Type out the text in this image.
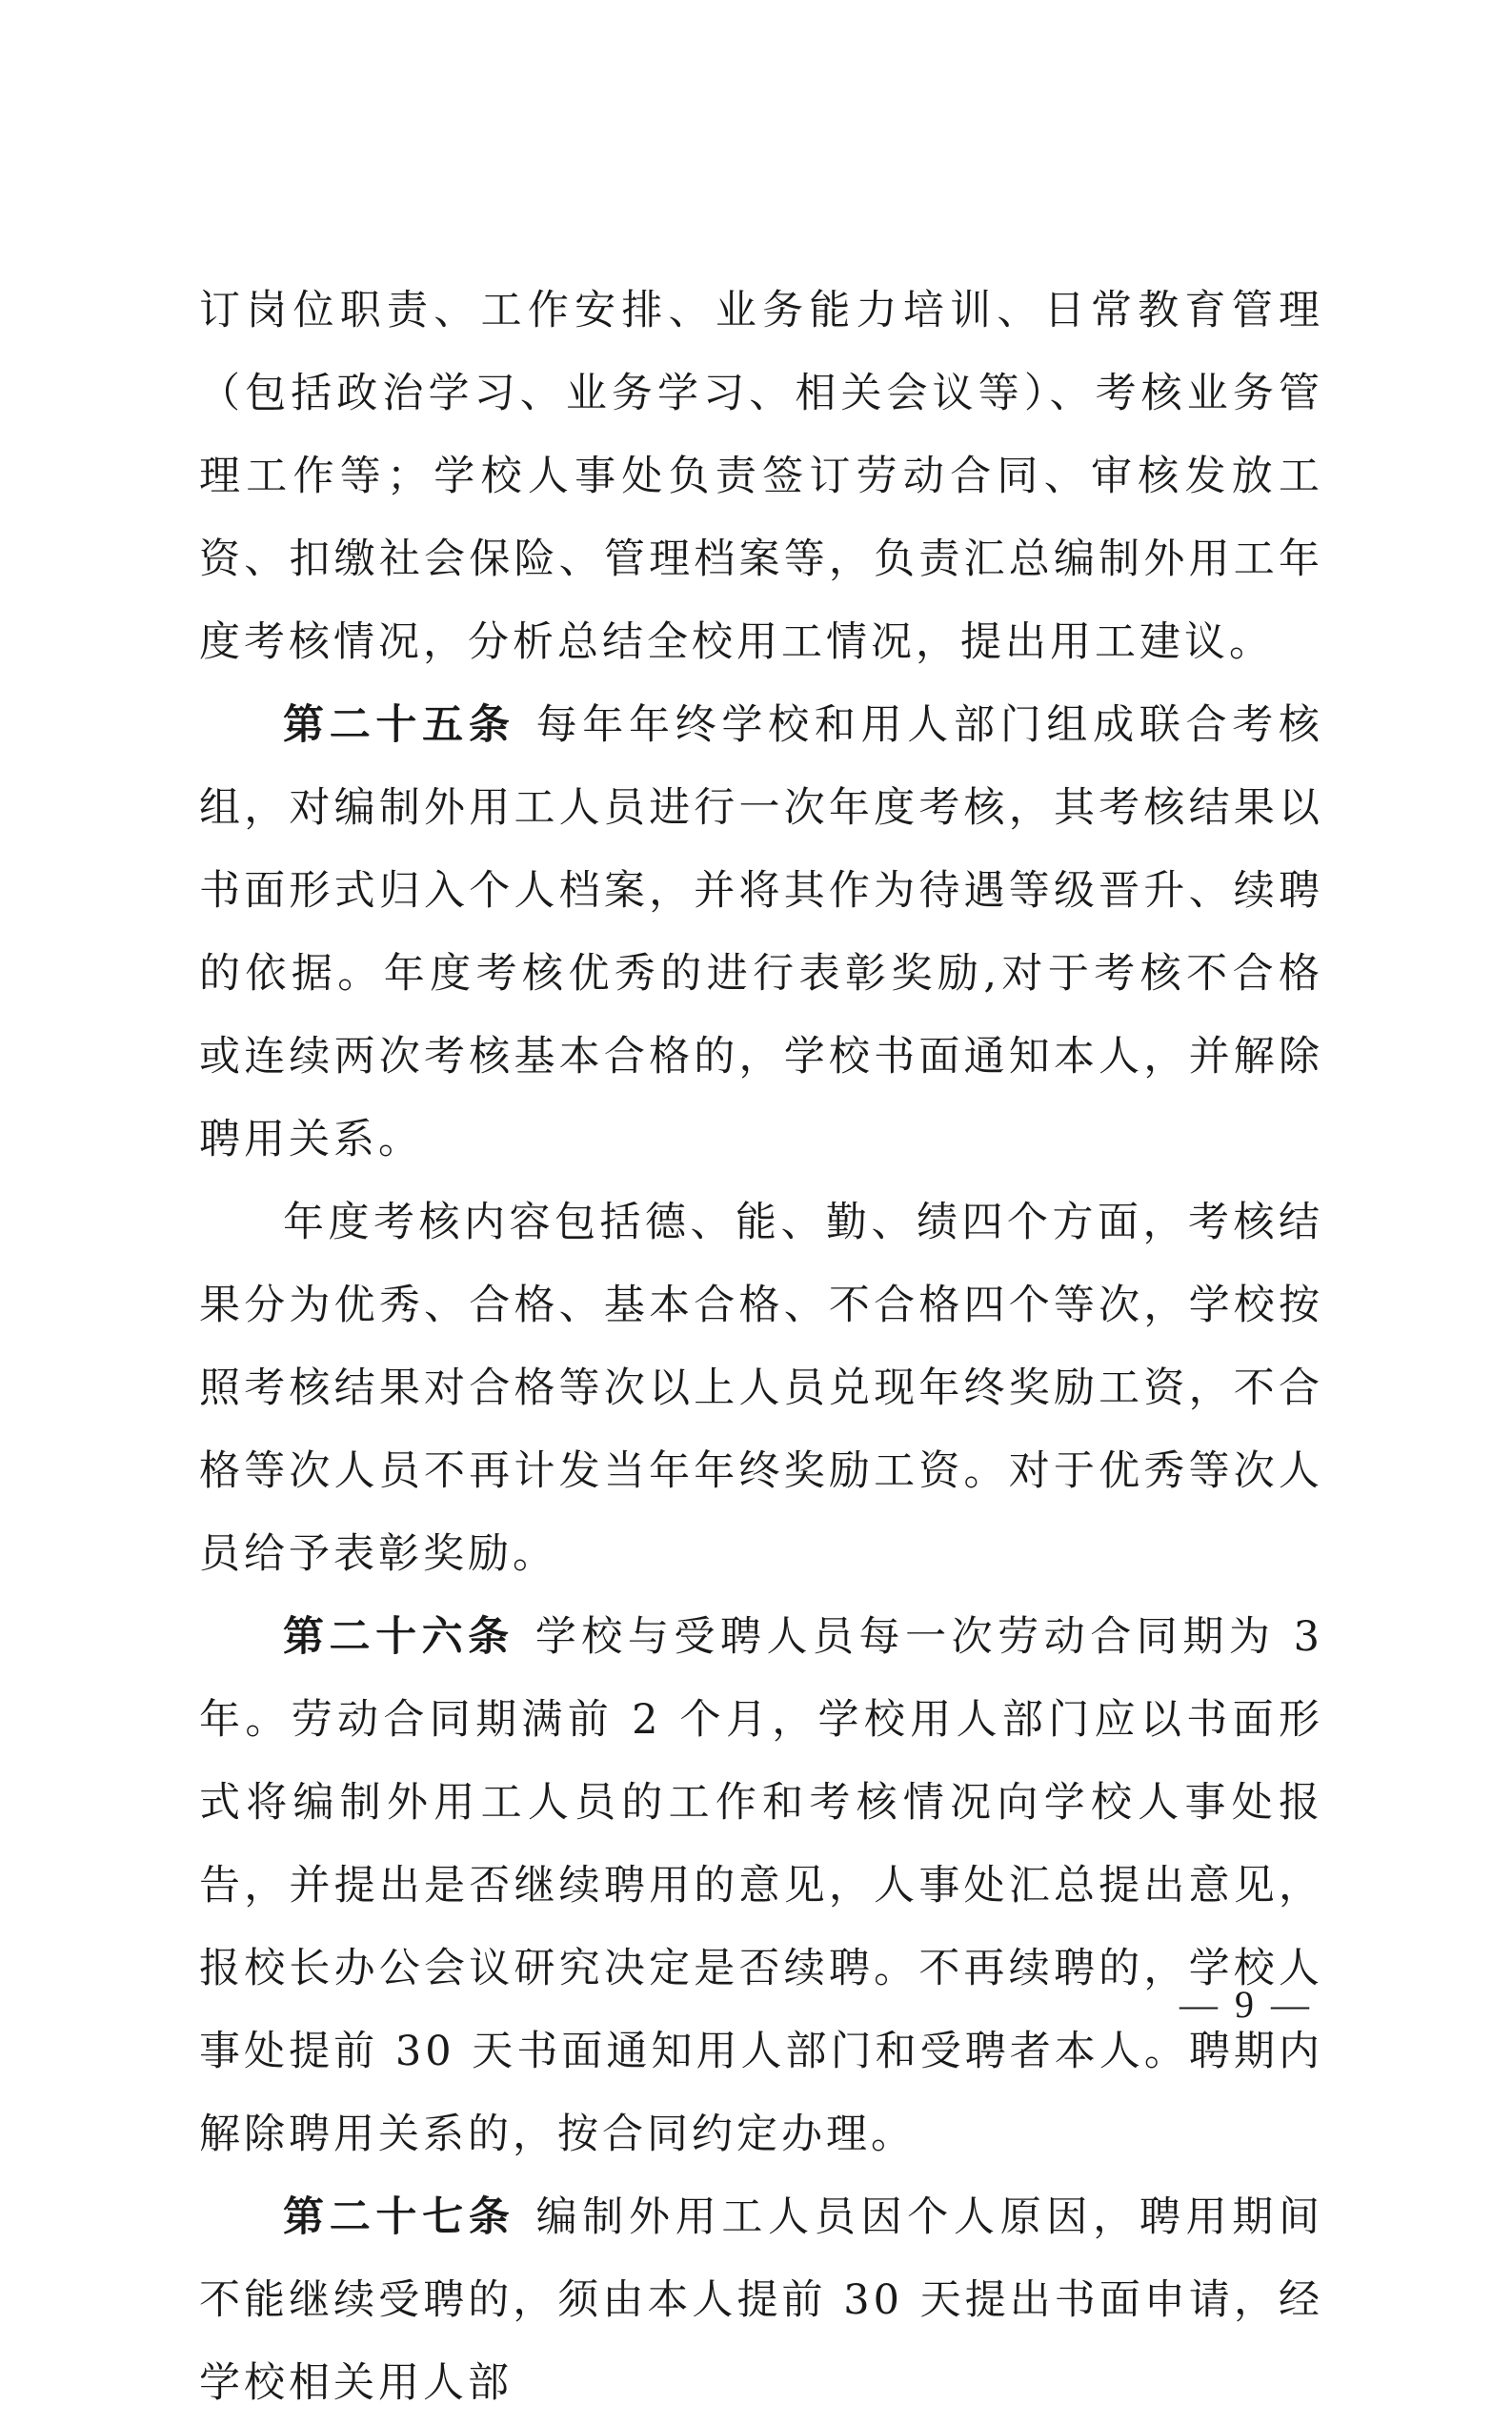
订岗位职责、工作安排、业务能力培训、日常教育管理（包括政治学习、业务学习、相关会议等）、考核业务管理工作等；学校人事处负责签订劳动合同、审核发放工资、扣缴社会保险、管理档案等，负责汇总编制外用工年度考核情况，分析总结全校用工情况，提出用工建议。

第二十五条 每年年终学校和用人部门组成联合考核组，对编制外用工人员进行一次年度考核，其考核结果以书面形式归入个人档案，并将其作为待遇等级晋升、续聘的依据。年度考核优秀的进行表彰奖励,对于考核不合格或连续两次考核基本合格的，学校书面通知本人，并解除聘用关系。

年度考核内容包括德、能、勤、绩四个方面，考核结果分为优秀、合格、基本合格、不合格四个等次，学校按照考核结果对合格等次以上人员兑现年终奖励工资，不合格等次人员不再计发当年年终奖励工资。对于优秀等次人员给予表彰奖励。

第二十六条 学校与受聘人员每一次劳动合同期为 3 年。劳动合同期满前 2 个月，学校用人部门应以书面形式将编制外用工人员的工作和考核情况向学校人事处报告，并提出是否继续聘用的意见，人事处汇总提出意见，报校长办公会议研究决定是否续聘。不再续聘的，学校人事处提前 30 天书面通知用人部门和受聘者本人。聘期内解除聘用关系的，按合同约定办理。

第二十七条 编制外用工人员因个人原因，聘用期间不能继续受聘的，须由本人提前 30 天提出书面申请，经学校相关用人部

— 9 —
